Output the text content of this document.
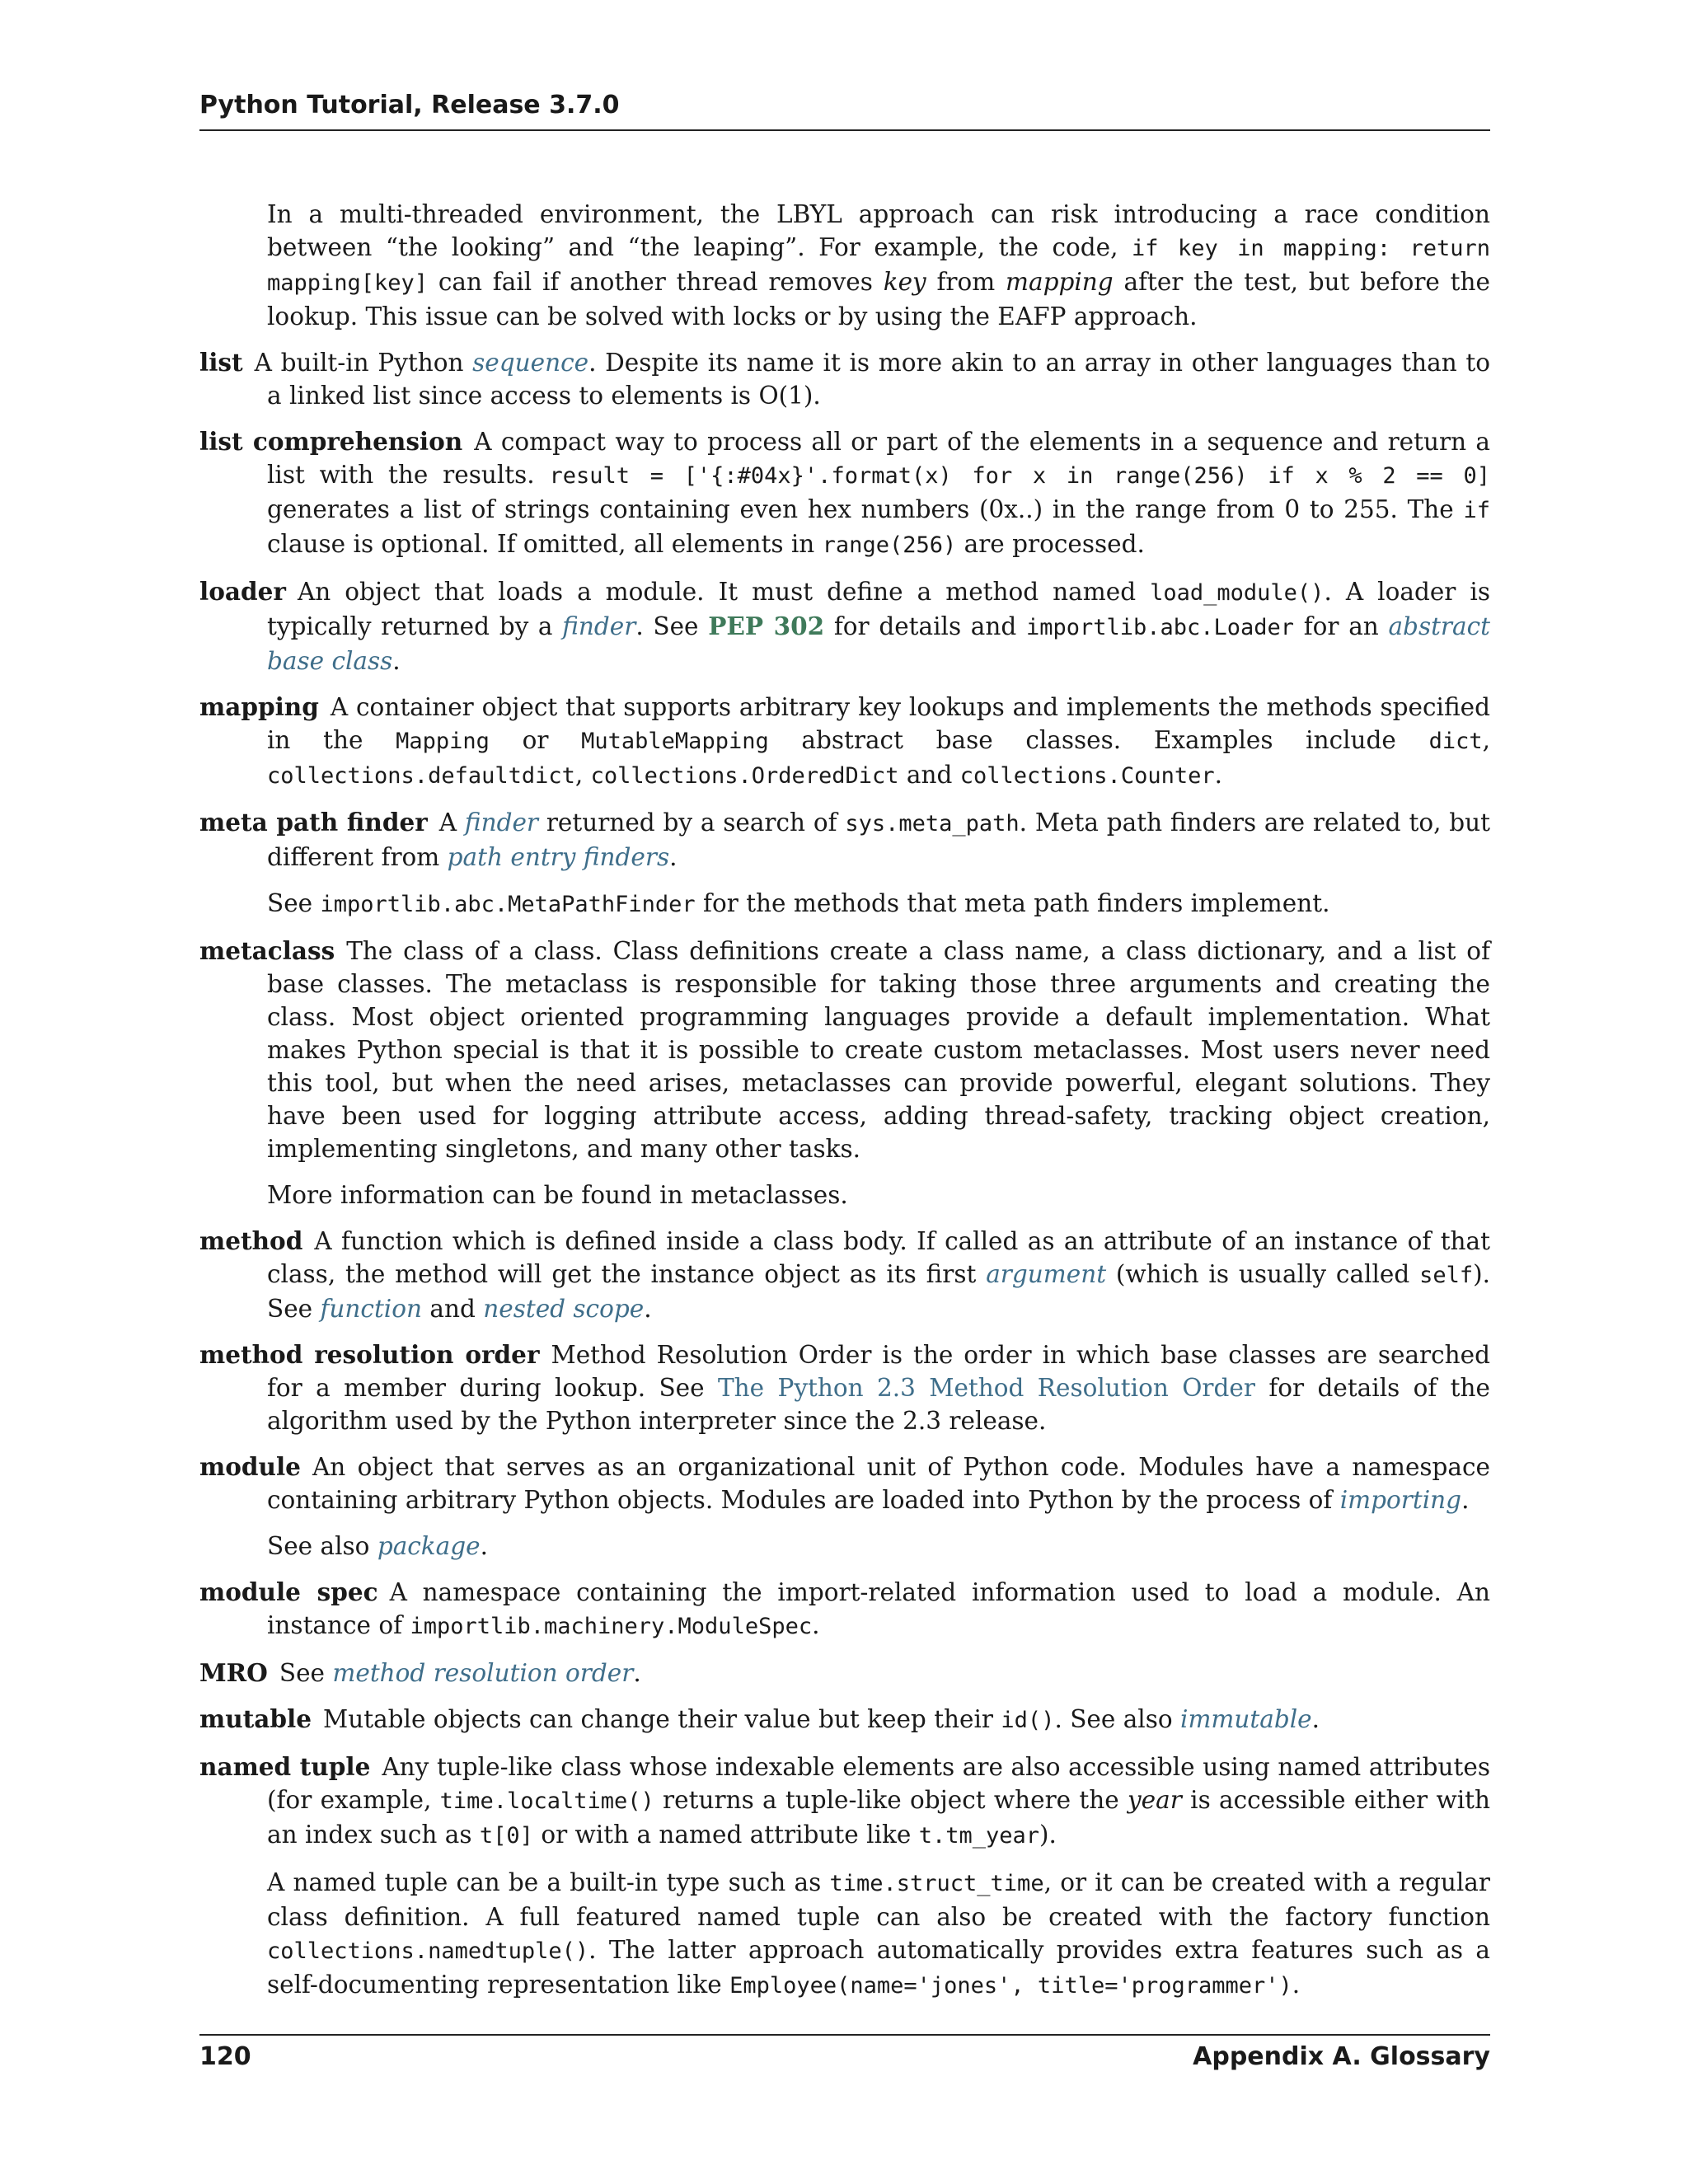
Python Tutorial, Release 3.7.0

In a multi-threaded environment, the LBYL approach can risk introducing a race condition between “the looking” and “the leaping”. For example, the code, if key in mapping: return mapping[key] can fail if another thread removes key from mapping after the test, but before the lookup. This issue can be solved with locks or by using the EAFP approach.

list A built-in Python sequence. Despite its name it is more akin to an array in other languages than to a linked list since access to elements is O(1).

list comprehension A compact way to process all or part of the elements in a sequence and return a list with the results. result = ['{:#04x}'.format(x) for x in range(256) if x % 2 == 0] generates a list of strings containing even hex numbers (0x..) in the range from 0 to 255. The if clause is optional. If omitted, all elements in range(256) are processed.

loader An object that loads a module. It must define a method named load_module(). A loader is typically returned by a finder. See PEP 302 for details and importlib.abc.Loader for an abstract base class.

mapping A container object that supports arbitrary key lookups and implements the methods specified in the Mapping or MutableMapping abstract base classes. Examples include dict, collections.defaultdict, collections.OrderedDict and collections.Counter.

meta path finder A finder returned by a search of sys.meta_path. Meta path finders are related to, but different from path entry finders.

See importlib.abc.MetaPathFinder for the methods that meta path finders implement.

metaclass The class of a class. Class definitions create a class name, a class dictionary, and a list of base classes. The metaclass is responsible for taking those three arguments and creating the class. Most object oriented programming languages provide a default implementation. What makes Python special is that it is possible to create custom metaclasses. Most users never need this tool, but when the need arises, metaclasses can provide powerful, elegant solutions. They have been used for logging attribute access, adding thread-safety, tracking object creation, implementing singletons, and many other tasks.

More information can be found in metaclasses.

method A function which is defined inside a class body. If called as an attribute of an instance of that class, the method will get the instance object as its first argument (which is usually called self). See function and nested scope.

method resolution order Method Resolution Order is the order in which base classes are searched for a member during lookup. See The Python 2.3 Method Resolution Order for details of the algorithm used by the Python interpreter since the 2.3 release.

module An object that serves as an organizational unit of Python code. Modules have a namespace containing arbitrary Python objects. Modules are loaded into Python by the process of importing.

See also package.

module spec A namespace containing the import-related information used to load a module. An instance of importlib.machinery.ModuleSpec.

MRO See method resolution order.

mutable Mutable objects can change their value but keep their id(). See also immutable.

named tuple Any tuple-like class whose indexable elements are also accessible using named attributes (for example, time.localtime() returns a tuple-like object where the year is accessible either with an index such as t[0] or with a named attribute like t.tm_year).

A named tuple can be a built-in type such as time.struct_time, or it can be created with a regular class definition. A full featured named tuple can also be created with the factory function collections.namedtuple(). The latter approach automatically provides extra features such as a self-documenting representation like Employee(name='jones', title='programmer').

120	Appendix A. Glossary
